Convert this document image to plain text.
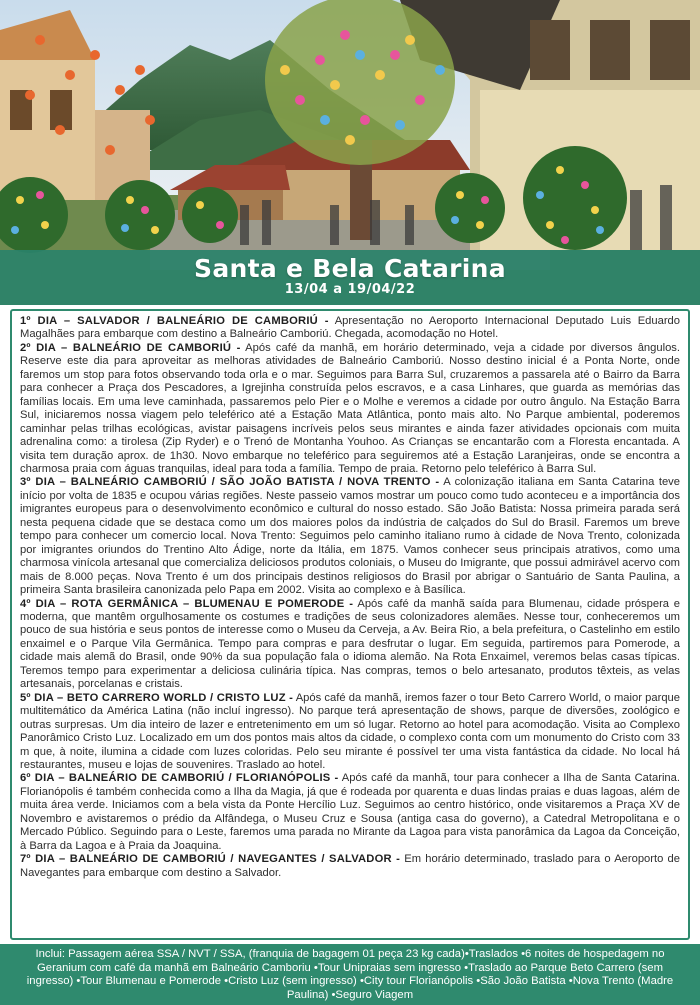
Santa e Bela Catarina
13/04 a 19/04/22

1º DIA – SALVADOR / BALNEÁRIO DE CAMBORIÚ - Apresentação no Aeroporto Internacional Deputado Luis Eduardo Magalhães para embarque com destino a Balneário Camboriú. Chegada, acomodação no Hotel.

2º DIA – BALNEÁRIO DE CAMBORIÚ - Após café da manhã, em horário determinado, veja a cidade por diversos ângulos. Reserve este dia para aproveitar as melhoras atividades de Balneário Camboriú. Nosso destino inicial é a Ponta Norte, onde faremos um stop para fotos observando toda orla e o mar. Seguimos para Barra Sul, cruzaremos a passarela até o Bairro da Barra para conhecer a Praça dos Pescadores, a Igrejinha construída pelos escravos, e a casa Linhares, que guarda as memórias das famílias locais. Em uma leve caminhada, passaremos pelo Pier e o Molhe e veremos a cidade por outro ângulo. Na Estação Barra Sul, iniciaremos nossa viagem pelo teleférico até a Estação Mata Atlântica, ponto mais alto. No Parque ambiental, poderemos caminhar pelas trilhas ecológicas, avistar paisagens incríveis pelos seus mirantes e ainda fazer atividades opcionais com muita adrenalina como: a tirolesa (Zip Ryder) e o Trenó de Montanha Youhoo. As Crianças se encantarão com a Floresta encantada. A visita tem duração aprox. de 1h30. Novo embarque no teleférico para seguiremos até a Estação Laranjeiras, onde se encontra a charmosa praia com águas tranquilas, ideal para toda a família. Tempo de praia. Retorno pelo teleférico à Barra Sul.

3º DIA – BALNEÁRIO CAMBORIÚ / SÃO JOÃO BATISTA / NOVA TRENTO - A colonização italiana em Santa Catarina teve início por volta de 1835 e ocupou várias regiões. Neste passeio vamos mostrar um pouco como tudo aconteceu e a importância dos imigrantes europeus para o desenvolvimento econômico e cultural do nosso estado. São João Batista: Nossa primeira parada será nesta pequena cidade que se destaca como um dos maiores polos da indústria de calçados do Sul do Brasil. Faremos um breve tempo para conhecer um comercio local. Nova Trento: Seguimos pelo caminho italiano rumo à cidade de Nova Trento, colonizada por imigrantes oriundos do Trentino Alto Ádige, norte da Itália, em 1875. Vamos conhecer seus principais atrativos, como uma charmosa vinícola artesanal que comercializa deliciosos produtos coloniais, o Museu do Imigrante, que possui admirável acervo com mais de 8.000 peças. Nova Trento é um dos principais destinos religiosos do Brasil por abrigar o Santuário de Santa Paulina, a primeira Santa brasileira canonizada pelo Papa em 2002. Visita ao complexo e à Basílica.

4º DIA – ROTA GERMÂNICA – BLUMENAU E POMERODE - Após café da manhã saída para Blumenau, cidade próspera e moderna, que mantêm orgulhosamente os costumes e tradições de seus colonizadores alemães. Nesse tour, conheceremos um pouco de sua história e seus pontos de interesse como o Museu da Cerveja, a Av. Beira Rio, a bela prefeitura, o Castelinho em estilo enxaimel e o Parque Vila Germânica. Tempo para compras e para desfrutar o lugar. Em seguida, partiremos para Pomerode, a cidade mais alemã do Brasil, onde 90% da sua população fala o idioma alemão. Na Rota Enxaimel, veremos belas casas típicas. Teremos tempo para experimentar a deliciosa culinária típica. Nas compras, temos o belo artesanato, produtos têxteis, as velas artesanais, porcelanas e cristais.

5º DIA – BETO CARRERO WORLD / CRISTO LUZ - Após café da manhã, iremos fazer o tour Beto Carrero World, o maior parque multitemático da América Latina (não incluí ingresso). No parque terá apresentação de shows, parque de diversões, zoológico e outras surpresas. Um dia inteiro de lazer e entretenimento em um só lugar. Retorno ao hotel para acomodação. Visita ao Complexo Panorâmico Cristo Luz. Localizado em um dos pontos mais altos da cidade, o complexo conta com um monumento do Cristo com 33 m que, à noite, ilumina a cidade com luzes coloridas. Pelo seu mirante é possível ter uma vista fantástica da cidade. No local há restaurantes, museu e lojas de souvenires. Traslado ao hotel.

6º DIA – BALNEÁRIO DE CAMBORIÚ / FLORIANÓPOLIS - Após café da manhã, tour para conhecer a Ilha de Santa Catarina. Florianópolis é também conhecida como a Ilha da Magia, já que é rodeada por quarenta e duas lindas praias e duas lagoas, além de muita área verde. Iniciamos com a bela vista da Ponte Hercílio Luz. Seguimos ao centro histórico, onde visitaremos a Praça XV de Novembro e avistaremos o prédio da Alfândega, o Museu Cruz e Sousa (antiga casa do governo), a Catedral Metropolitana e o Mercado Público. Seguindo para o Leste, faremos uma parada no Mirante da Lagoa para vista panorâmica da Lagoa da Conceição, à Barra da Lagoa e à Praia da Joaquina.

7º DIA – BALNEÁRIO DE CAMBORIÚ / NAVEGANTES / SALVADOR - Em horário determinado, traslado para o Aeroporto de Navegantes para embarque com destino a Salvador.

Inclui: Passagem aérea SSA / NVT / SSA, (franquia de bagagem 01 peça 23 kg cada)•Traslados •6 noites de hospedagem no Geranium com café da manhã em Balneário Camboriu •Tour Unipraias sem ingresso •Traslado ao Parque Beto Carrero (sem ingresso) •Tour Blumenau e Pomerode •Cristo Luz (sem ingresso) •City tour Florianópolis •São João Batista •Nova Trento (Madre Paulina) •Seguro Viagem
